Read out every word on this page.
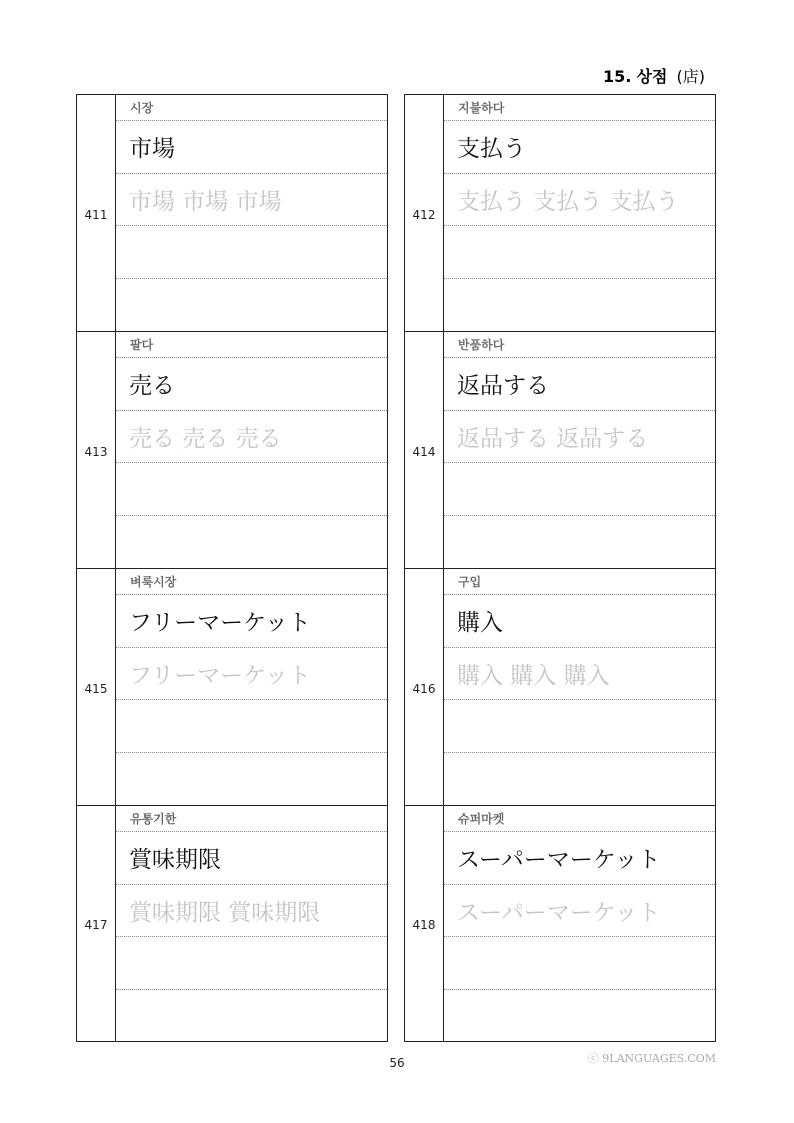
15. 상점 (店)
411
시장
市場
市場 市場 市場
413
팔다
売る
売る 売る 売る
415
벼룩시장
フリーマーケット
フリーマーケット
417
유통기한
賞味期限
賞味期限 賞味期限
412
지불하다
支払う
支払う 支払う 支払う
414
반품하다
返品する
返品する 返品する
416
구입
購入
購入 購入 購入
418
슈퍼마켓
スーパーマーケット
スーパーマーケット
56	ⓒ 9LANGUAGES.COM
